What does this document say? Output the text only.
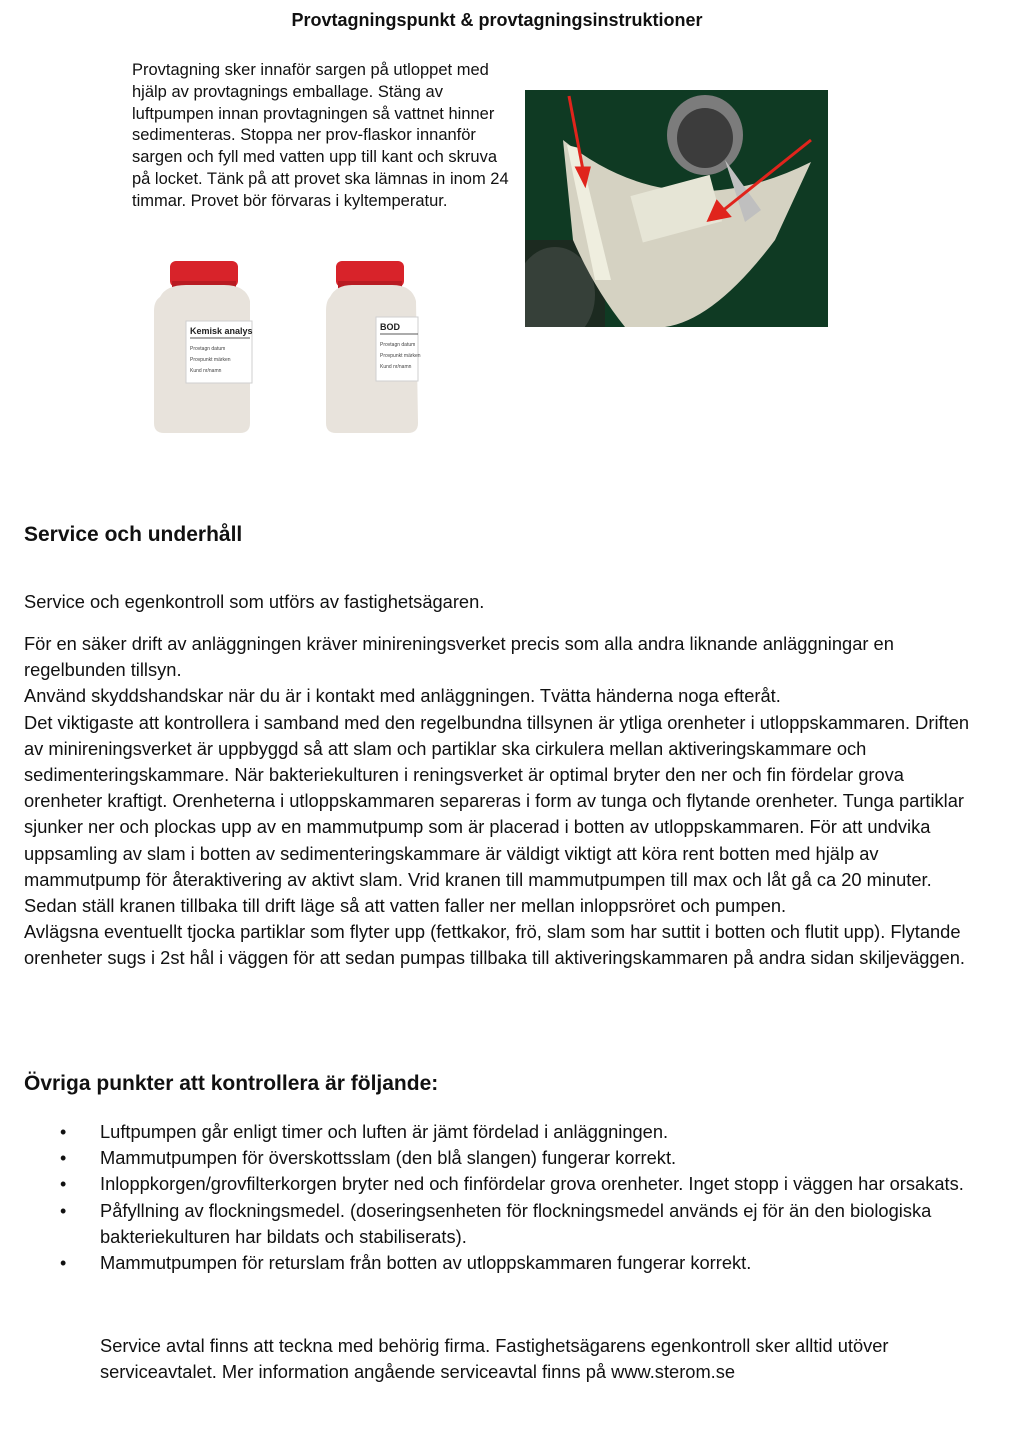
Provtagningspunkt & provtagningsinstruktioner

Provtagning sker innaför sargen på utloppet med hjälp av provtagnings emballage. Stäng av luftpumpen innan provtagningen så vattnet hinner sedimenteras. Stoppa ner prov-flaskor innanför sargen och fyll med vatten upp till kant och skruva på locket. Tänk på att provet ska lämnas in inom 24 timmar. Provet bör förvaras i kyltemperatur.

Kemisk analys
Provtagn datum
Provpunkt märken
Kund nr/namn
BOD
Provtagn datum
Provpunkt märken
Kund nr/namn
Service och underhåll

Service och egenkontroll som utförs av fastighetsägaren.

För en säker drift av anläggningen kräver minireningsverket precis som alla andra liknande anläggningar en regelbunden tillsyn.
Använd skyddshandskar när du är i kontakt med anläggningen. Tvätta händerna noga efteråt.
Det viktigaste att kontrollera i samband med den regelbundna tillsynen är ytliga orenheter i utloppskammaren. Driften av minireningsverket är uppbyggd så att slam och partiklar ska cirkulera mellan aktiveringskammare och sedimenteringskammare. När bakteriekulturen i reningsverket är optimal bryter den ner och fin fördelar grova orenheter kraftigt. Orenheterna i utloppskammaren separeras i form av tunga och flytande orenheter. Tunga partiklar sjunker ner och plockas upp av en mammutpump som är placerad i botten av utloppskammaren. För att undvika uppsamling av slam i botten av sedimenteringskammare är väldigt viktigt att köra rent botten med hjälp av mammutpump för återaktivering av aktivt slam. Vrid kranen till mammutpumpen till max och låt gå ca 20 minuter.
Sedan ställ kranen tillbaka till drift läge så att vatten faller ner mellan inloppsröret och pumpen.
Avlägsna eventuellt tjocka partiklar som flyter upp (fettkakor, frö, slam som har suttit i botten och flutit upp). Flytande orenheter sugs i 2st hål i väggen för att sedan pumpas tillbaka till aktiveringskammaren på andra sidan skiljeväggen.

Övriga punkter att kontrollera är följande:
• Luftpumpen går enligt timer och luften är jämt fördelad i anläggningen.
• Mammutpumpen för överskottsslam (den blå slangen) fungerar korrekt.
• Inloppkorgen/grovfilterkorgen bryter ned och finfördelar grova orenheter. Inget stopp i väggen har orsakats.
• Påfyllning av flockningsmedel. (doseringsenheten för flockningsmedel används ej för än den biologiska bakteriekulturen har bildats och stabiliserats).
• Mammutpumpen för returslam från botten av utloppskammaren fungerar korrekt.

Service avtal finns att teckna med behörig firma. Fastighetsägarens egenkontroll sker alltid utöver serviceavtalet. Mer information angående serviceavtal finns på www.sterom.se
